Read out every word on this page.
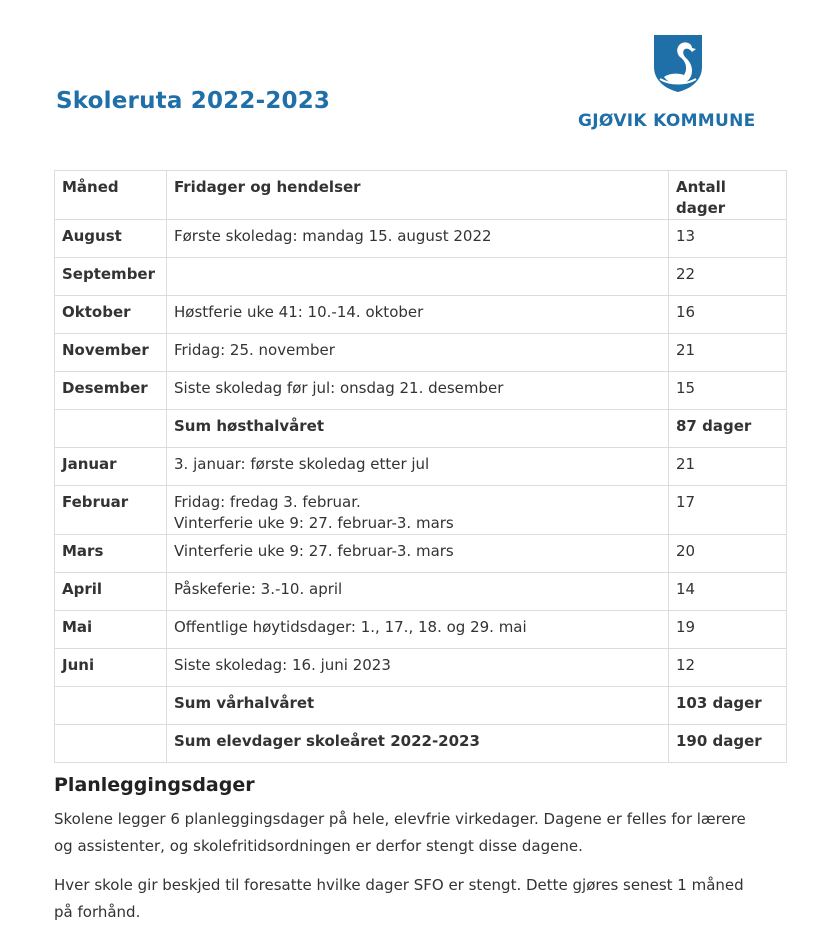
Skoleruta 2022-2023
GJØVIK KOMMUNE
Måned	Fridager og hendelser	Antall dager
August	Første skoledag: mandag 15. august 2022	13
September		22
Oktober	Høstferie uke 41: 10.-14. oktober	16
November	Fridag: 25. november	21
Desember	Siste skoledag før jul: onsdag 21. desember	15

	Sum høsthalvåret	87 dager
Januar	3. januar: første skoledag etter jul	21
Februar	Fridag: fredag 3. februar.
Vinterferie uke 9: 27. februar-3. mars	17
Mars	Vinterferie uke 9: 27. februar-3. mars	20
April	Påskeferie: 3.-10. april	14
Mai	Offentlige høytidsdager: 1., 17., 18. og 29. mai	19
Juni	Siste skoledag: 16. juni 2023	12

	Sum vårhalvåret	103 dager

	Sum elevdager skoleåret 2022-2023	190 dager
Planleggingsdager

Skolene legger 6 planleggingsdager på hele, elevfrie virkedager. Dagene er felles for lærere
og assistenter, og skolefritidsordningen er derfor stengt disse dagene.

Hver skole gir beskjed til foresatte hvilke dager SFO er stengt. Dette gjøres senest 1 måned
på forhånd.
